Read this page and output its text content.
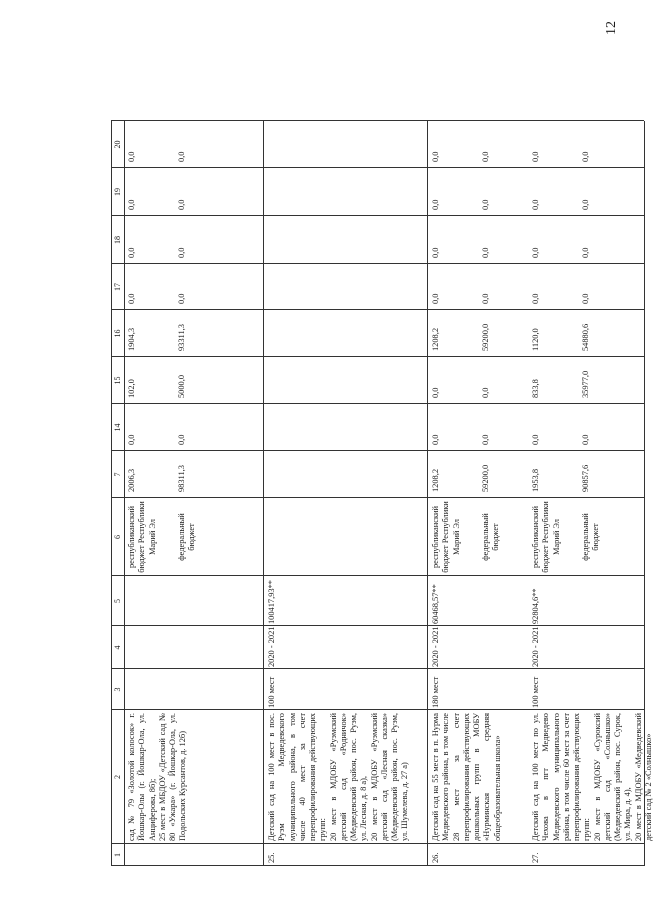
12
1
2
3
4
5
6
7
14
15
16
17
18
19
20
сад № 79 «Золотой колосок» г. Йошкар-Олы (г. Йошкар-Ола, ул. Анциферова, 8б);
25 мест в МБДОУ «Детский сад № 80 «Ужара» (г. Йошкар-Ола, ул. Подольских Курсантов, д. 12б)
25.
Детский сад на 100 мест в пос. Руэм Медведевского муниципального района, в том числе 40 мест за счет перепрофилирования действующих групп:
20 мест в МДОБУ «Руэмский детский сад «Родничок» (Медведевский район, пос. Руэм, ул. Лесная, д. 8 а),
20 мест в МДОБУ «Руэмский детский сад «Лесная сказка» (Медведевский район, пос. Руэм, ул. Шумелева, д. 27 а)
100 мест
2020 - 2021
100417,93**
республиканский бюджет Республики Марий Эл
2006,3
0,0
102,0
1904,3
0,0
0,0
0,0
0,0
федеральный бюджет
98311,3
0,0
5000,0
93311,3
0,0
0,0
0,0
0,0
26.
Детский сад на 55 мест в п. Нурма Медведевского района, в том числе 28 мест за счет перепрофилирования действующих дошкольных групп в МОБУ «Нурминская средняя общеобразовательная школа»
180 мест
2020 - 2021
60468,57**
республиканский бюджет Республики Марий Эл
1208,2
0,0
0,0
1208,2
0,0
0,0
0,0
0,0
федеральный бюджет
59200,0
0,0
0,0
59200,0
0,0
0,0
0,0
0,0
27.
Детский сад на 100 мест по ул. Чехова в пгт Медведево Медведевского муниципального района, в том числе 60 мест за счет перепрофилирования действующих групп:
20 мест в МДОБУ «Суроксий детский сад «Солнышко» (Медведевский район, пос. Сурок, ул. Мира, д. 4),
20 мест в МДОБУ «Медведевский детский сад № 2 «Солнышко»
100 мест
2020 - 2021
92804,6**
республиканский бюджет Республики Марий Эл
1953,8
0,0
833,8
1120,0
0,0
0,0
0,0
0,0
федеральный бюджет
90857,6
0,0
35977,0
54880,6
0,0
0,0
0,0
0,0
